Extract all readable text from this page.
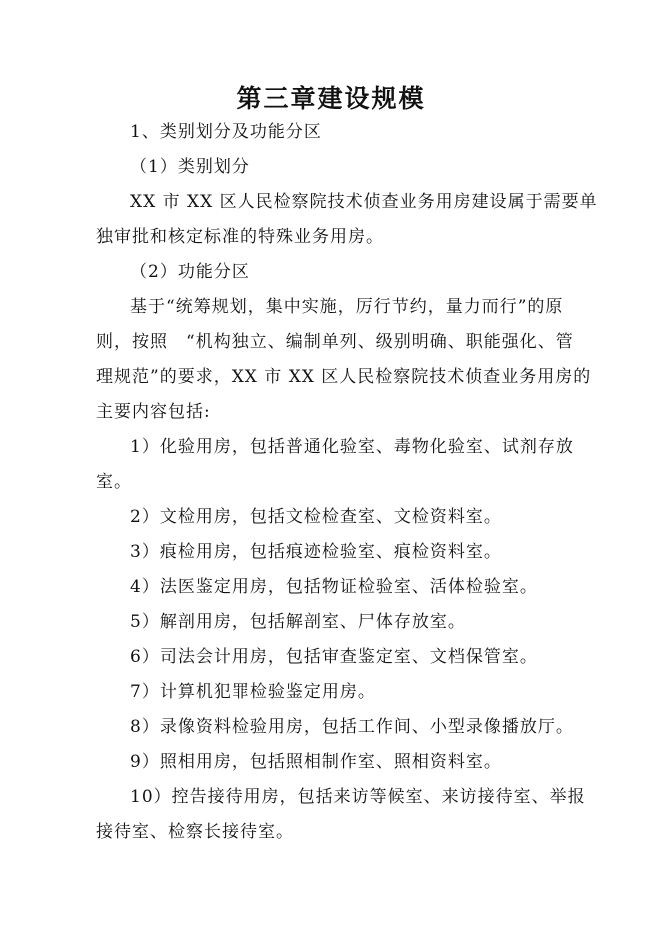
第三章建设规模
1、类别划分及功能分区
（1）类别划分
XX 市 XX 区人民检察院技术侦查业务用房建设属于需要单
独审批和核定标准的特殊业务用房。
（2）功能分区
基于“统筹规划，集中实施，厉行节约，量力而行”的原
则，按照　“机构独立、编制单列、级别明确、职能强化、管
理规范”的要求，XX 市 XX 区人民检察院技术侦查业务用房的
主要内容包括:
1）化验用房，包括普通化验室、毒物化验室、试剂存放
室。
2）文检用房，包括文检检查室、文检资料室。
3）痕检用房，包括痕迹检验室、痕检资料室。
4）法医鉴定用房，包括物证检验室、活体检验室。
5）解剖用房，包括解剖室、尸体存放室。
6）司法会计用房，包括审查鉴定室、文档保管室。
7）计算机犯罪检验鉴定用房。
8）录像资料检验用房，包括工作间、小型录像播放厅。
9）照相用房，包括照相制作室、照相资料室。
10）控告接待用房，包括来访等候室、来访接待室、举报
接待室、检察长接待室。
